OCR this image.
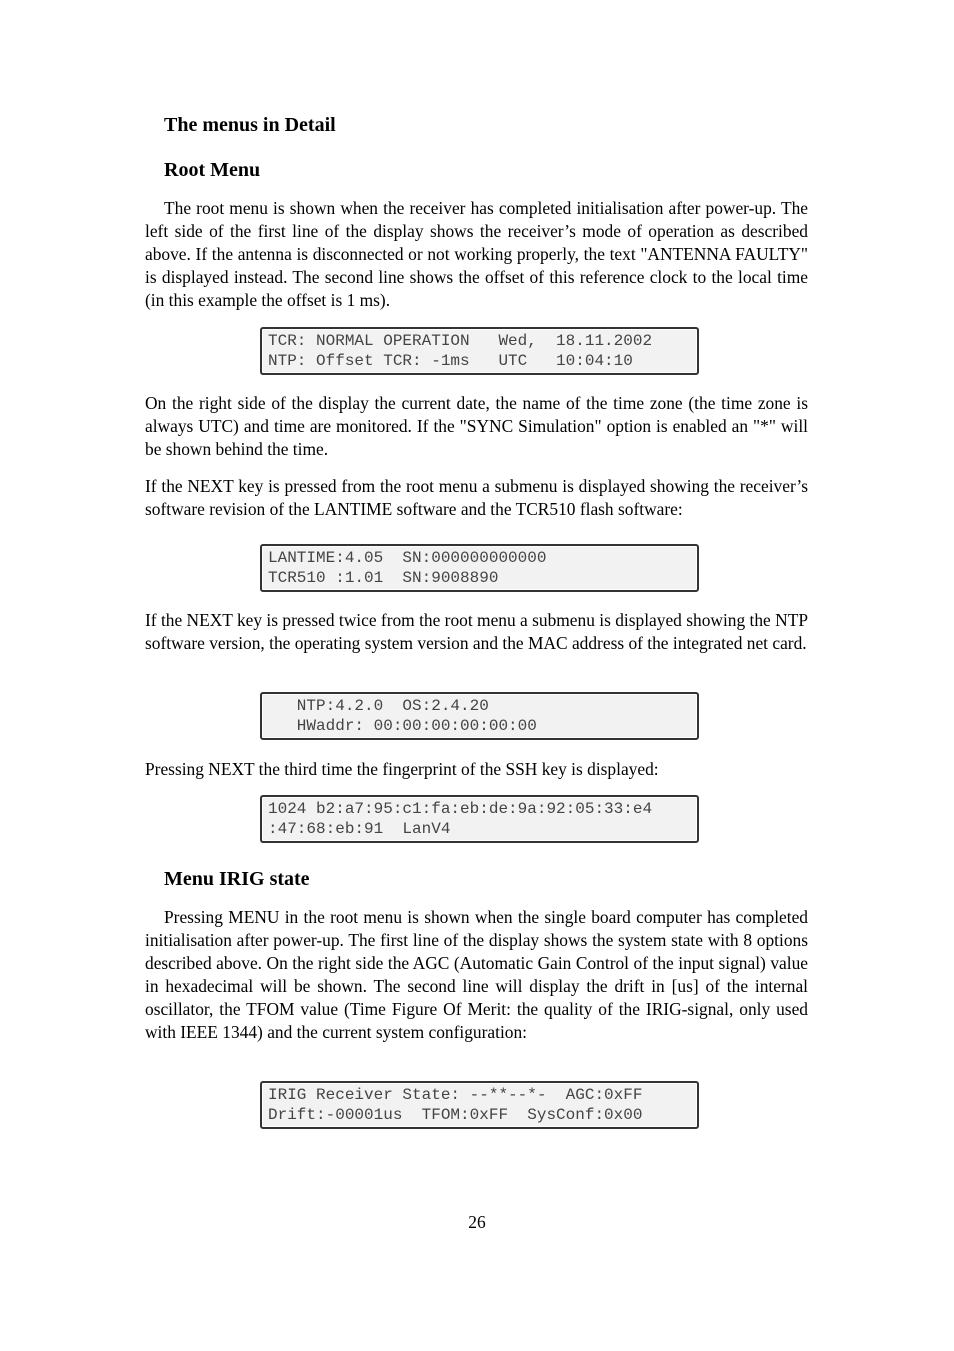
The menus in Detail
Root Menu

The root menu is shown when the receiver has completed initialisation after power-up. The left side of the first line of the display shows the receiver’s mode of operation as described above. If the antenna is disconnected or not working properly, the text "ANTENNA FAULTY" is displayed instead. The second line shows the offset of this reference clock to the local time (in this example the offset is 1 ms).

TCR: NORMAL OPERATION   Wed,  18.11.2002
NTP: Offset TCR: -1ms   UTC   10:04:10

On the right side of the display the current date, the name of the time zone (the time zone is always UTC) and time are monitored. If the "SYNC Simulation" option is enabled an "*" will be shown behind the time.

If the NEXT key is pressed from the root menu a submenu is displayed showing the receiver’s software revision of the LANTIME software and the TCR510 flash software:

LANTIME:4.05  SN:000000000000
TCR510 :1.01  SN:9008890

If the NEXT key is pressed twice from the root menu a submenu is displayed showing the NTP software version, the operating system version and the MAC address of the integrated net card.

NTP:4.2.0  OS:2.4.20
HWaddr: 00:00:00:00:00:00

Pressing NEXT the third time the fingerprint of the SSH key is displayed:

1024 b2:a7:95:c1:fa:eb:de:9a:92:05:33:e4
:47:68:eb:91  LanV4
Menu IRIG state

Pressing MENU in the root menu is shown when the single board computer has completed initialisation after power-up. The first line of the display shows the system state with 8 options described above. On the right side the AGC (Automatic Gain Control of the input signal) value in hexadecimal will be shown. The second line will display the drift in [us] of the internal oscillator, the TFOM value (Time Figure Of Merit: the quality of the IRIG-signal, only used with IEEE 1344) and the current system configuration:

IRIG Receiver State: --**--*-  AGC:0xFF
Drift:-00001us  TFOM:0xFF  SysConf:0x00
26
